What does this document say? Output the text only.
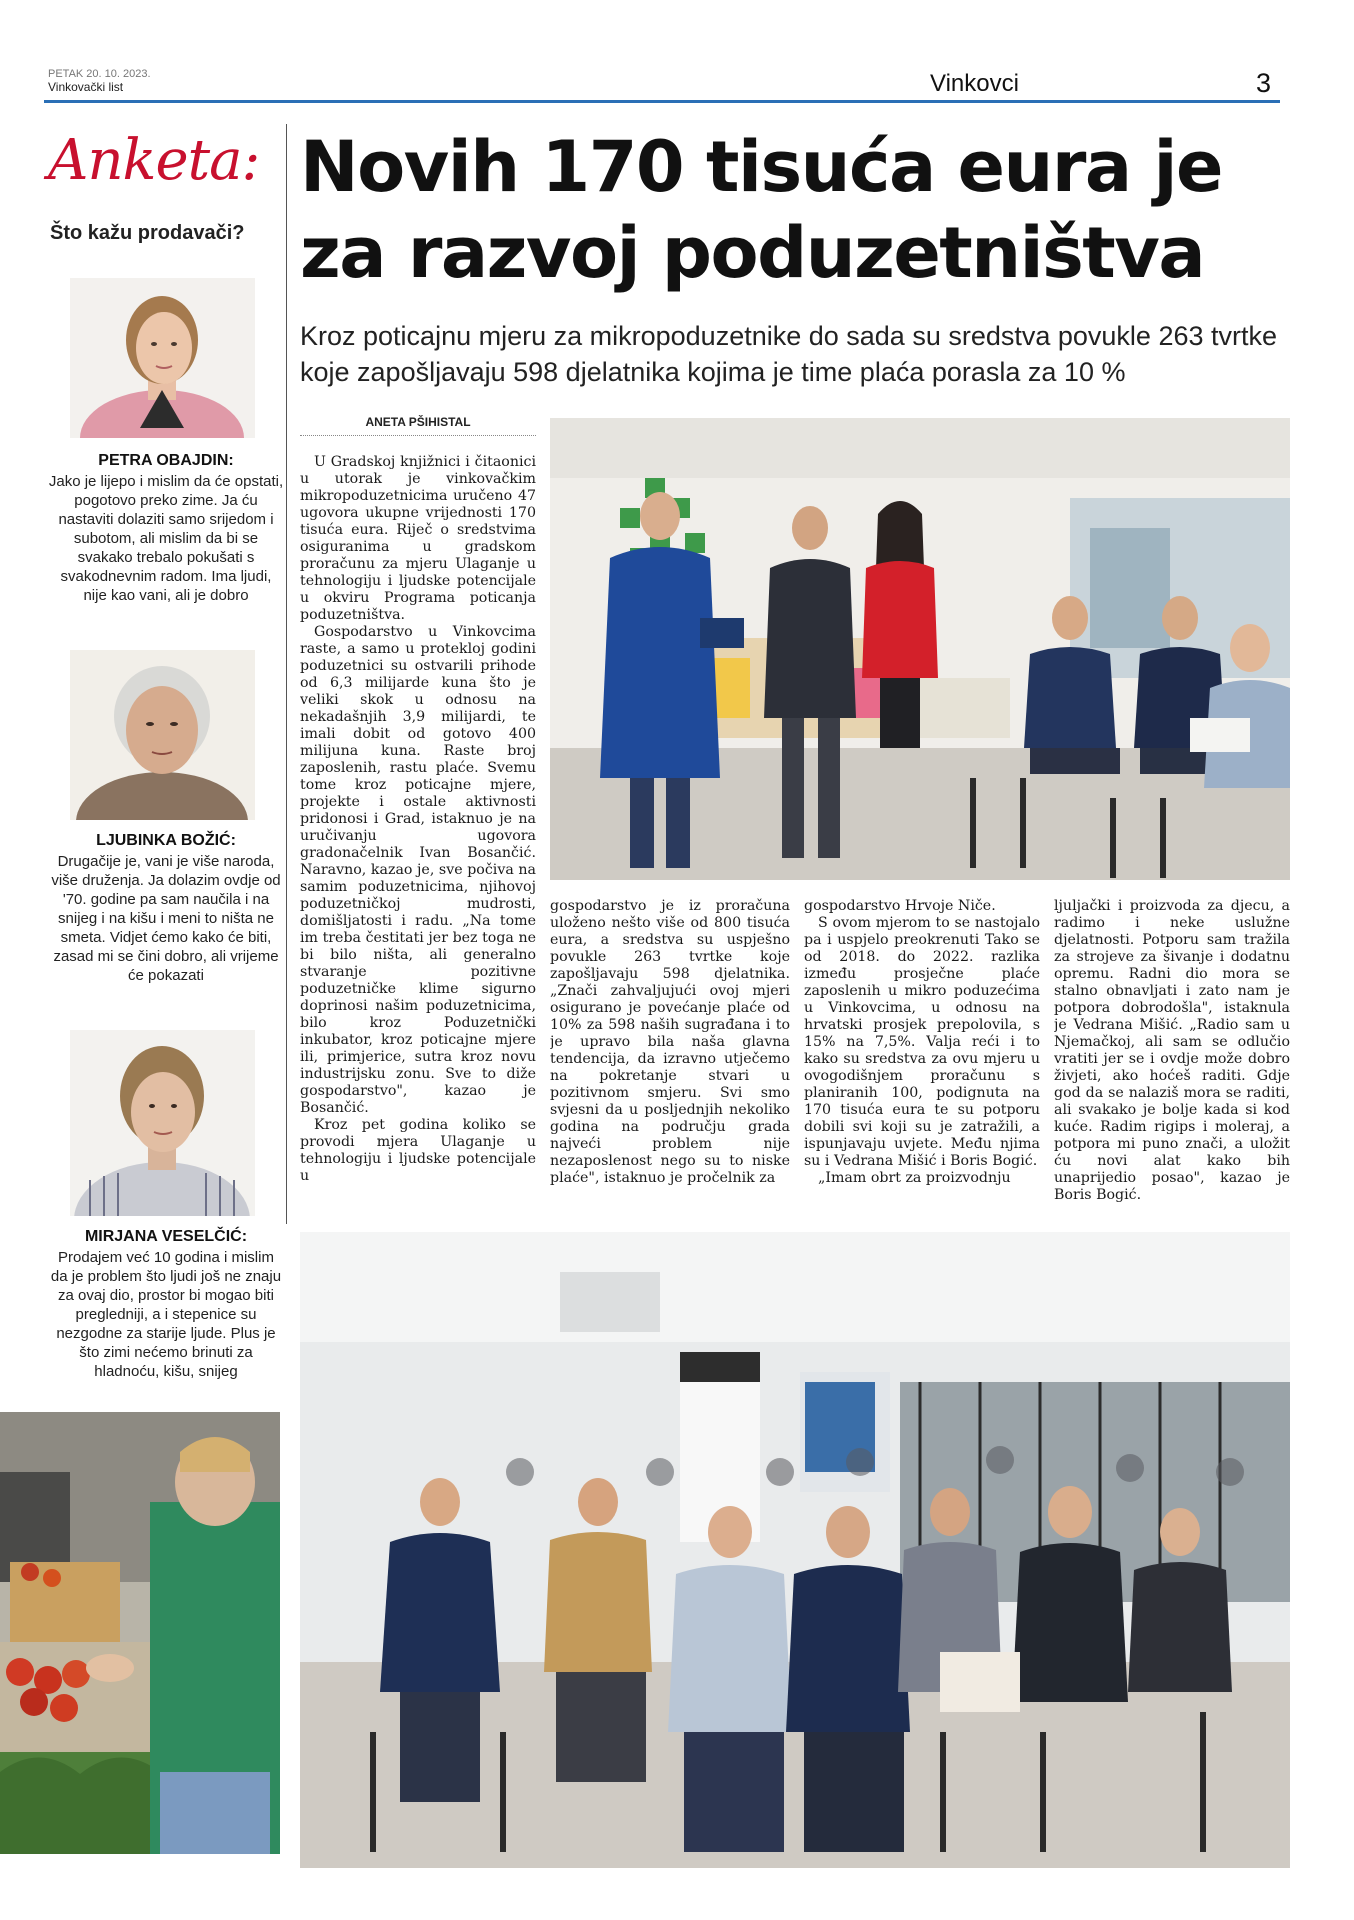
PETAK 20. 10. 2023.
Vinkovački list	Vinkovci	3
Anketa:
Što kažu prodavači?
PETRA OBAJDIN:
Jako je lijepo i mislim da će opstati, pogotovo preko zime. Ja ću nastaviti dolaziti samo srijedom i subotom, ali mislim da bi se svakako trebalo pokušati s svakodnevnim radom. Ima ljudi, nije kao vani, ali je dobro
LJUBINKA BOŽIĆ:
Drugačije je, vani je više naroda, više druženja. Ja dolazim ovdje od '70. godine pa sam naučila i na snijeg i na kišu i meni to ništa ne smeta. Vidjet ćemo kako će biti, zasad mi se čini dobro, ali vrijeme će pokazati
MIRJANA VESELČIĆ:
Prodajem već 10 godina i mislim da je problem što ljudi još ne znaju za ovaj dio, prostor bi mogao biti pregledniji, a i stepenice su nezgodne za starije ljude. Plus je što zimi nećemo brinuti za hladnoću, kišu, snijeg
Novih 170 tisuća eura je za razvoj poduzetništva
Kroz poticajnu mjeru za mikropoduzetnike do sada su sredstva povukle 263 tvrtke koje zapošljavaju 598 djelatnika kojima je time plaća porasla za 10 %
ANETA PŠIHISTAL

U Gradskoj knjižnici i čitaonici u utorak je vinkovačkim mikropoduzetnicima uručeno 47 ugovora ukupne vrijednosti 170 tisuća eura. Riječ o sredstvima osiguranima u gradskom proračunu za mjeru Ulaganje u tehnologiju i ljudske potencijale u okviru Programa poticanja poduzetništva.

Gospodarstvo u Vinkovcima raste, a samo u proteklој godini poduzetnici su ostvarili prihode od 6,3 milijarde kuna što je veliki skok u odnosu na nekadašnjih 3,9 milijardi, te imali dobit od gotovo 400 milijuna kuna. Raste broj zaposlenih, rastu plaće. Svemu tome kroz poticajne mjere, projekte i ostale aktivnosti pridonosi i Grad, istaknuo je na uručivanju ugovora gradonačelnik Ivan Bosančić. Naravno, kazao je, sve počiva na samim poduzetnicima, njihovoj poduzetničkoj mudrosti, domišljatosti i radu. „Na tome im treba čestitati jer bez toga ne bi bilo ništa, ali generalno stvaranje pozitivne poduzetničke klime sigurno doprinosi našim poduzetnicima, bilo kroz Poduzetnički inkubator, kroz poticajne mjere ili, primjerice, sutra kroz novu industrijsku zonu. Sve to diže gospodarstvo", kazao je Bosančić.

Kroz pet godina koliko se provodi mjera Ulaganje u tehnologiju i ljudske potencijale u

gospodarstvo je iz proračuna uloženo nešto više od 800 tisuća eura, a sredstva su uspješno povukle 263 tvrtke koje zapošljavaju 598 djelatnika. „Znači zahvaljujući ovoj mjeri osigurano je povećanje plaće od 10% za 598 naših sugrađana i to je upravo bila naša glavna tendencija, da izravno utječemo na pokretanje stvari u pozitivnom smjeru. Svi smo svjesni da u posljednjih nekoliko godina na području grada najveći problem nije nezaposlenost nego su to niske plaće", istaknuo je pročelnik za

gospodarstvo Hrvoje Niče.

S ovom mjerom to se nastojalo pa i uspjelo preokrenuti Tako se od 2018. do 2022. razlika između prosječne plaće zaposlenih u mikro poduzećima u Vinkovcima, u odnosu na hrvatski prosjek prepolovila, s 15% na 7,5%. Valja reći i to kako su sredstva za ovu mjeru u ovogodišnjem proračunu s planiranih 100, podignuta na 170 tisuća eura te su potporu dobili svi koji su je zatražili, a ispunjavaju uvjete. Među njima su i Vedrana Mišić i Boris Bogić.

„Imam obrt za proizvodnju

ljuljački i proizvoda za djecu, a radimo i neke uslužne djelatnosti. Potporu sam tražila za strojeve za šivanje i dodatnu opremu. Radni dio mora se stalno obnavljati i zato nam je potpora dobrodošla", istaknula je Vedrana Mišić. „Radio sam u Njemačkoj, ali sam se odlučio vratiti jer se i ovdje može dobro živjeti, ako hoćeš raditi. Gdje god da se nalaziš mora se raditi, ali svakako je bolje kada si kod kuće. Radim rigips i moleraj, a potpora mi puno znači, a uložit ću novi alat kako bih unaprijedio posao", kazao je Boris Bogić.
